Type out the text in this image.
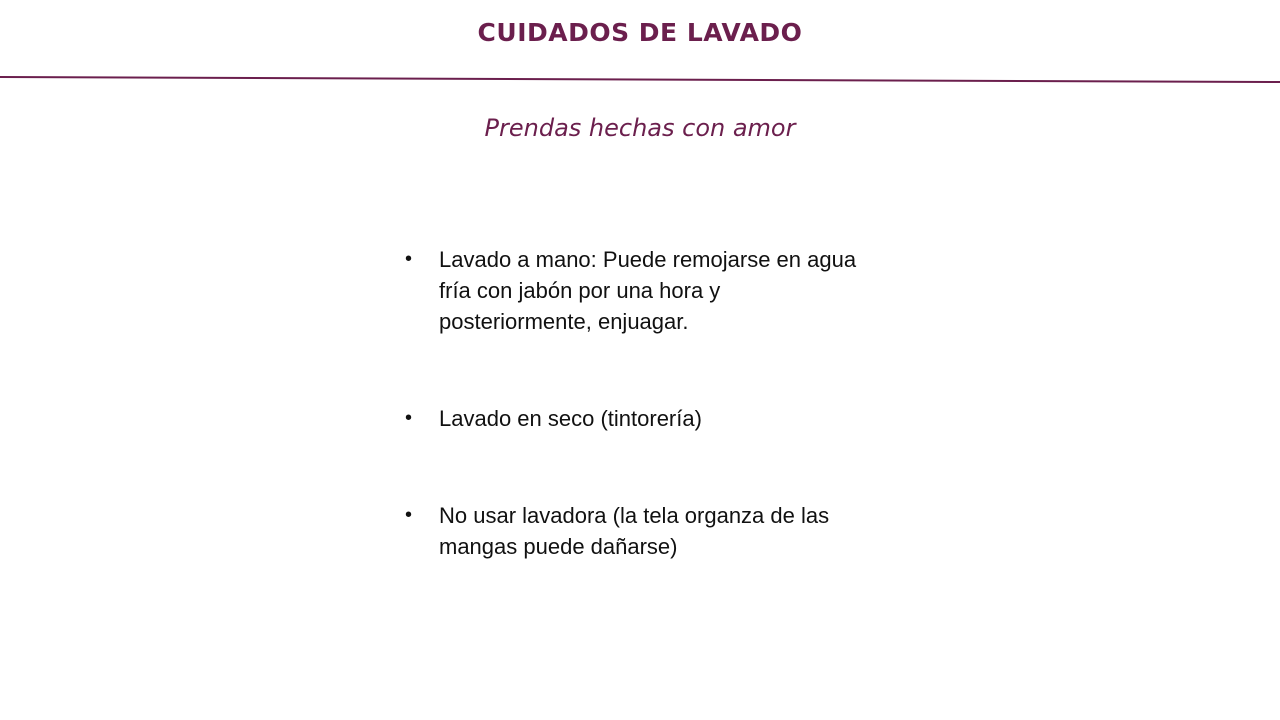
CUIDADOS DE LAVADO
Prendas hechas con amor
• Lavado a mano: Puede remojarse en agua fría con jabón por una hora y posteriormente, enjuagar.
• Lavado en seco (tintorería)
• No usar lavadora (la tela organza de las mangas puede dañarse)
